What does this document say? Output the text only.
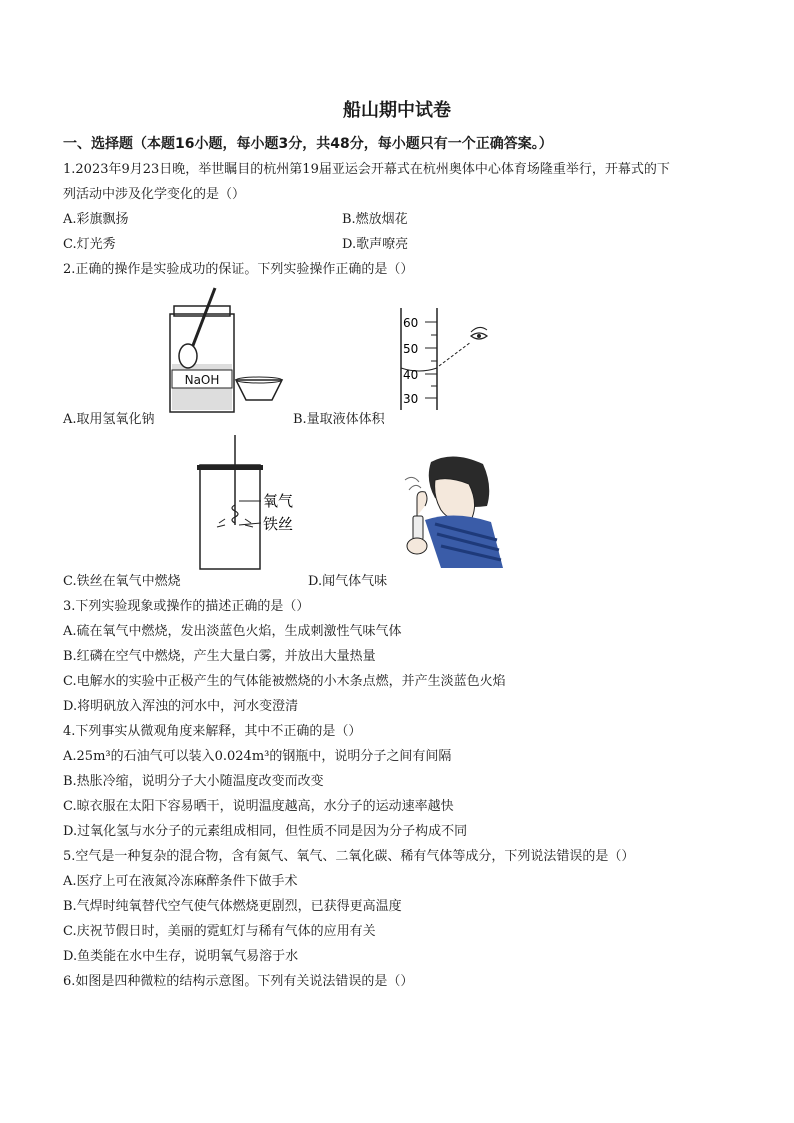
船山期中试卷
一、选择题（本题16小题，每小题3分，共48分，每小题只有一个正确答案。）
1.2023年9月23日晚，举世瞩目的杭州第19届亚运会开幕式在杭州奥体中心体育场隆重举行，开幕式的下
列活动中涉及化学变化的是（）
A.彩旗飘扬	B.燃放烟花
C.灯光秀	D.歌声嘹亮
2.正确的操作是实验成功的保证。下列实验操作正确的是（）
NaOH
A.取用氢氧化钠
60
50
40
30
B.量取液体体积
氧气
铁丝
C.铁丝在氧气中燃烧	D.闻气体气味
3.下列实验现象或操作的描述正确的是（）
A.硫在氧气中燃烧，发出淡蓝色火焰，生成刺激性气味气体
B.红磷在空气中燃烧，产生大量白雾，并放出大量热量
C.电解水的实验中正极产生的气体能被燃烧的小木条点燃，并产生淡蓝色火焰
D.将明矾放入浑浊的河水中，河水变澄清
4.下列事实从微观角度来解释，其中不正确的是（）
A.25m³的石油气可以装入0.024m³的钢瓶中，说明分子之间有间隔
B.热胀冷缩，说明分子大小随温度改变而改变
C.晾衣服在太阳下容易晒干，说明温度越高，水分子的运动速率越快
D.过氧化氢与水分子的元素组成相同，但性质不同是因为分子构成不同
5.空气是一种复杂的混合物，含有氮气、氧气、二氧化碳、稀有气体等成分，下列说法错误的是（）
A.医疗上可在液氮冷冻麻醉条件下做手术
B.气焊时纯氧替代空气使气体燃烧更剧烈，已获得更高温度
C.庆祝节假日时，美丽的霓虹灯与稀有气体的应用有关
D.鱼类能在水中生存，说明氧气易溶于水
6.如图是四种微粒的结构示意图。下列有关说法错误的是（）
